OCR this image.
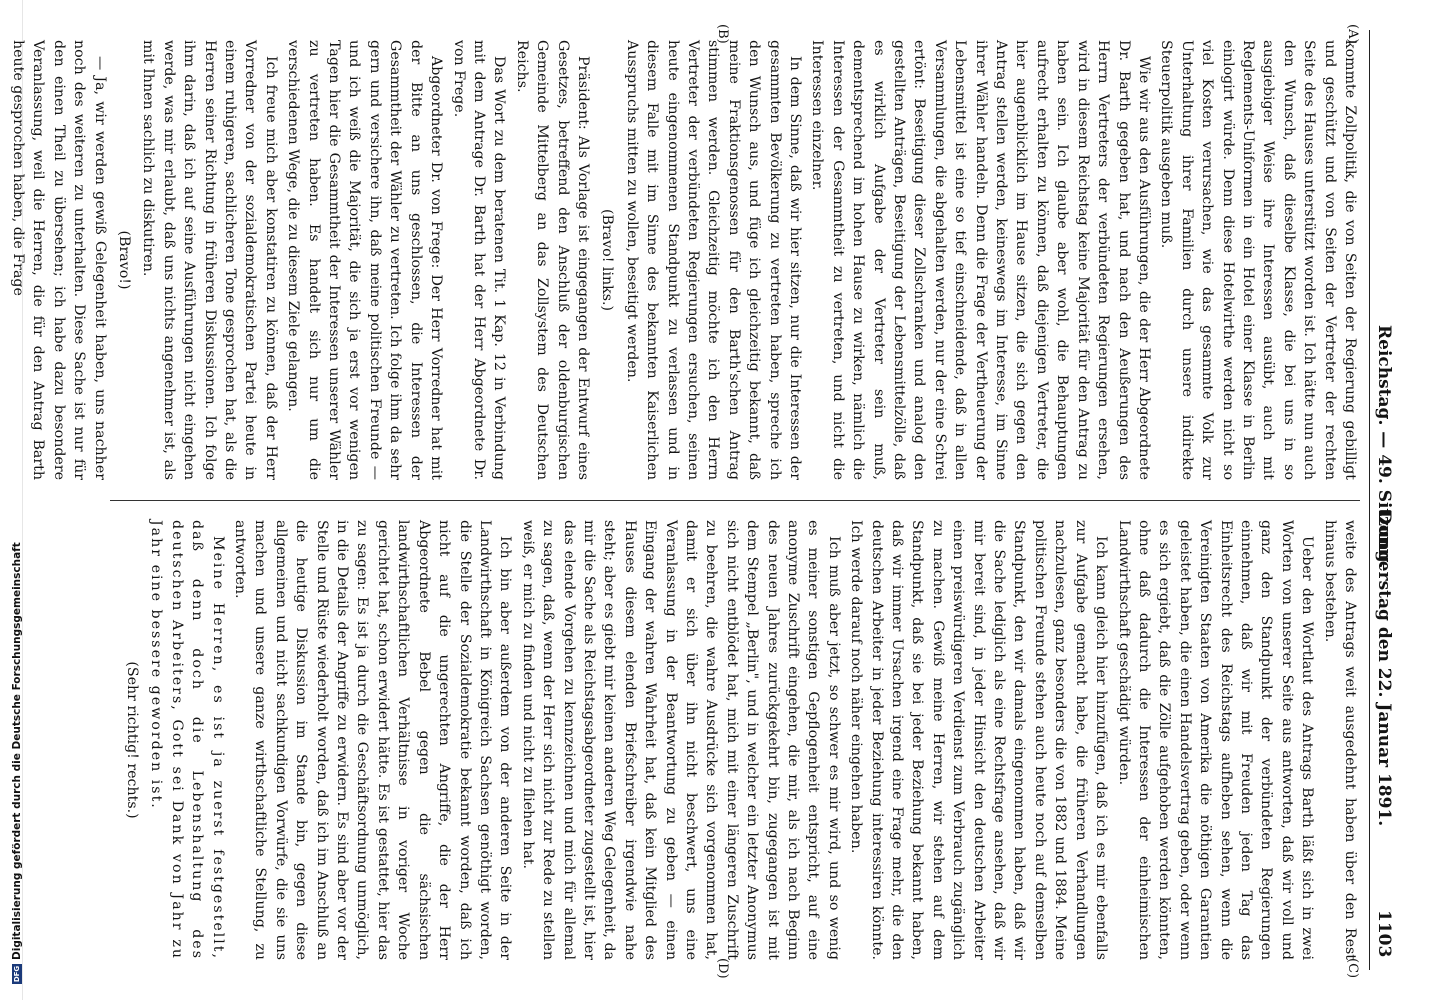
DFGDigitalisierung gefördert durch die Deutsche Forschungsgemeinschaft
Reichstag. — 49. Sitzung.
Donnerstag den 22. Januar 1891.
1103
(A)
(B)
(C)
(D)

kommte Zollpolitik, die von Seiten der Regierung gebilligt und geschützt und von Seiten der Vertreter der rechten Seite des Hauses unterstützt worden ist. Ich hätte nun auch den Wunsch, daß dieselbe Klasse, die bei uns in so ausgiebiger Weise ihre Interessen ausübt, auch mit Reglements-Uniformen in ein Hotel einer Klasse in Berlin einlogirt würde. Denn diese Hotelwirthe werden nicht so viel Kosten verursachen, wie das gesammte Volk zur Unterhaltung ihrer Familien durch unsere indirekte Steuerpolitik ausgeben muß.

Wie wir aus den Ausführungen, die der Herr Abgeordnete Dr. Barth gegeben hat, und nach den Aeußerungen des Herrn Vertreters der verbündeten Regierungen ersehen, wird in diesem Reichstag keine Majorität für den Antrag zu haben sein. Ich glaube aber wohl, die Behauptungen aufrecht erhalten zu können, daß diejenigen Vertreter, die hier augenblicklich im Hause sitzen, die sich gegen den Antrag stellen werden, keineswegs im Interesse, im Sinne ihrer Wähler handeln. Denn die Frage der Vertheuerung der Lebensmittel ist eine so tief einschneidende, daß in allen Versammlungen, die abgehalten werden, nur der eine Schrei ertönt: Beseitigung dieser Zollschranken und analog den gestellten Anträgen, Beseitigung der Lebensmittelzölle, daß es wirklich Aufgabe der Vertreter sein muß, dementsprechend im hohen Hause zu wirken, nämlich die Interessen der Gesammtheit zu vertreten, und nicht die Interessen einzelner.

In dem Sinne, daß wir hier sitzen, nur die Interessen der gesammten Bevölkerung zu vertreten haben, spreche ich den Wunsch aus, und füge ich gleichzeitig bekannt, daß meine Fraktionsgenossen für den Barth'schen Antrag stimmen werden. Gleichzeitig möchte ich den Herrn Vertreter der verbündeten Regierungen ersuchen, seinen heute eingenommenen Standpunkt zu verlassen und in diesem Falle mit im Sinne des bekannten Kaiserlichen Ausspruchs mitten zu wollen, beseitigt werden.

(Bravo! links.)

Präsident: Als Vorlage ist eingegangen der Entwurf eines Gesetzes, betreffend den Anschluß der oldenburgischen Gemeinde Mittelberg an das Zollsystem des Deutschen Reichs.

Das Wort zu dem beratenen Tit. 1 Kap. 12 in Verbindung mit dem Antrage Dr. Barth hat der Herr Abgeordnete Dr. von Frege.

Abgeordneter Dr. von Frege: Der Herr Vorredner hat mit der Bitte an uns geschlossen, die Interessen der Gesammtheit der Wähler zu vertreten. Ich folge ihm da sehr gern und versichere ihn, daß meine politischen Freunde — und ich weiß die Majorität, die sich ja erst vor wenigen Tagen hier die Gesammtheit der Interessen unserer Wähler zu vertreten haben. Es handelt sich nur um die verschiedenen Wege, die zu diesem Ziele gelangen.

Ich freue mich aber konstatiren zu können, daß der Herr Vorredner von der sozialdemokratischen Partei heute in einem ruhigeren, sachlicheren Tone gesprochen hat, als die Herren seiner Richtung in früheren Diskussionen. Ich folge ihm darin, daß ich auf seine Ausführungen nicht eingehen werde, was mir erlaubt, daß uns nichts angenehmer ist, als mit Ihnen sachlich zu diskutiren.

(Bravo!)

— Ja, wir werden gewiß Gelegenheit haben, uns nachher noch des weiteren zu unterhalten. Diese Sache ist nur für den einen Theil zu übersehen; ich habe dazu besondere Veranlassung, weil die Herren, die für den Antrag Barth heute gesprochen haben, die Frage

weite des Antrags weit ausgedehnt haben über den Rest hinaus bestehen.

Ueber den Wortlaut des Antrags Barth läßt sich in zwei Worten von unserer Seite aus antworten, daß wir voll und ganz den Standpunkt der verbündeten Regierungen einnehmen, daß wir mit Freuden jeden Tag das Einheitsrecht des Reichstags aufheben sehen, wenn die Vereinigten Staaten von Amerika die nöthigen Garantien geleistet haben, die einen Handelsvertrag geben, oder wenn es sich ergiebt, daß die Zölle aufgehoben werden könnten, ohne daß dadurch die Interessen der einheimischen Landwirthschaft geschädigt würden.

Ich kann gleich hier hinzufügen, daß ich es mir ebenfalls zur Aufgabe gemacht habe, die früheren Verhandlungen nachzulesen, ganz besonders die von 1882 und 1884. Meine politischen Freunde stehen auch heute noch auf demselben Standpunkt, den wir damals eingenommen haben, daß wir die Sache lediglich als eine Rechtsfrage ansehen, daß wir mir bereit sind, in jeder Hinsicht den deutschen Arbeiter einen preiswürdigeren Verdienst zum Verbrauch zugänglich zu machen. Gewiß meine Herren, wir stehen auf dem Standpunkt, daß sie bei jeder Beziehung bekannt haben, daß wir immer Ursachen irgend eine Frage mehr, die den deutschen Arbeiter in jeder Beziehung interessiren könnte. Ich werde darauf noch näher eingehen haben.

Ich muß aber jetzt, so schwer es mir wird, und so wenig es meiner sonstigen Gepflogenheit entspricht, auf eine anonyme Zuschrift eingehen, die mir, als ich nach Beginn des neuen Jahres zurückgekehrt bin, zugegangen ist mit dem Stempel „Berlin", und in welcher ein letzter Anonymus sich nicht entblödet hat, mich mit einer längeren Zuschrift zu beehren, die wahre Ausdrücke sich vorgenommen hat, damit er sich über ihn nicht beschwert, uns eine Veranlassung in der Beantwortung zu geben — einen Eingang der wahren Wahrheit hat, daß kein Mitglied des Hauses diesem elenden Briefschreiber irgendwie nahe steht; aber es giebt mir keinen anderen Weg Gelegenheit, da mir die Sache als Reichstagsabgeordneter zugestellt ist, hier das elende Vorgehen zu kennzeichnen und mich für allemal zu sagen, daß, wenn der Herr sich nicht zur Rede zu stellen weiß, er mich zu finden und nicht zu fliehen hat.

Ich bin aber außerdem von der anderen Seite in der Landwirthschaft in Königreich Sachsen genöthigt worden, die Stelle der Sozialdemokratie bekannt worden, daß ich nicht auf die ungerechten Angriffe, die der Herr Abgeordnete Bebel gegen die sächsischen landwirthschaftlichen Verhältnisse in voriger Woche gerichtet hat, schon erwidert hätte. Es ist gestattet, hier das zu sagen: Es ist ja durch die Geschäftsordnung unmöglich, in die Details der Angriffe zu erwidern. Es sind aber vor der Stelle und Rüste wiederholt worden, daß ich im Anschluß an die heutige Diskussion im Stande bin, gegen diese allgemeinen und nicht sachkundigen Vorwürfe, die sie uns machen und unsere ganze wirthschaftliche Stellung, zu antworten.

Meine Herren, es ist ja zuerst festgestellt, daß denn doch die Lebenshaltung des deutschen Arbeiters, Gott sei Dank von Jahr zu Jahr eine bessere geworden ist.

(Sehr richtig! rechts.)
